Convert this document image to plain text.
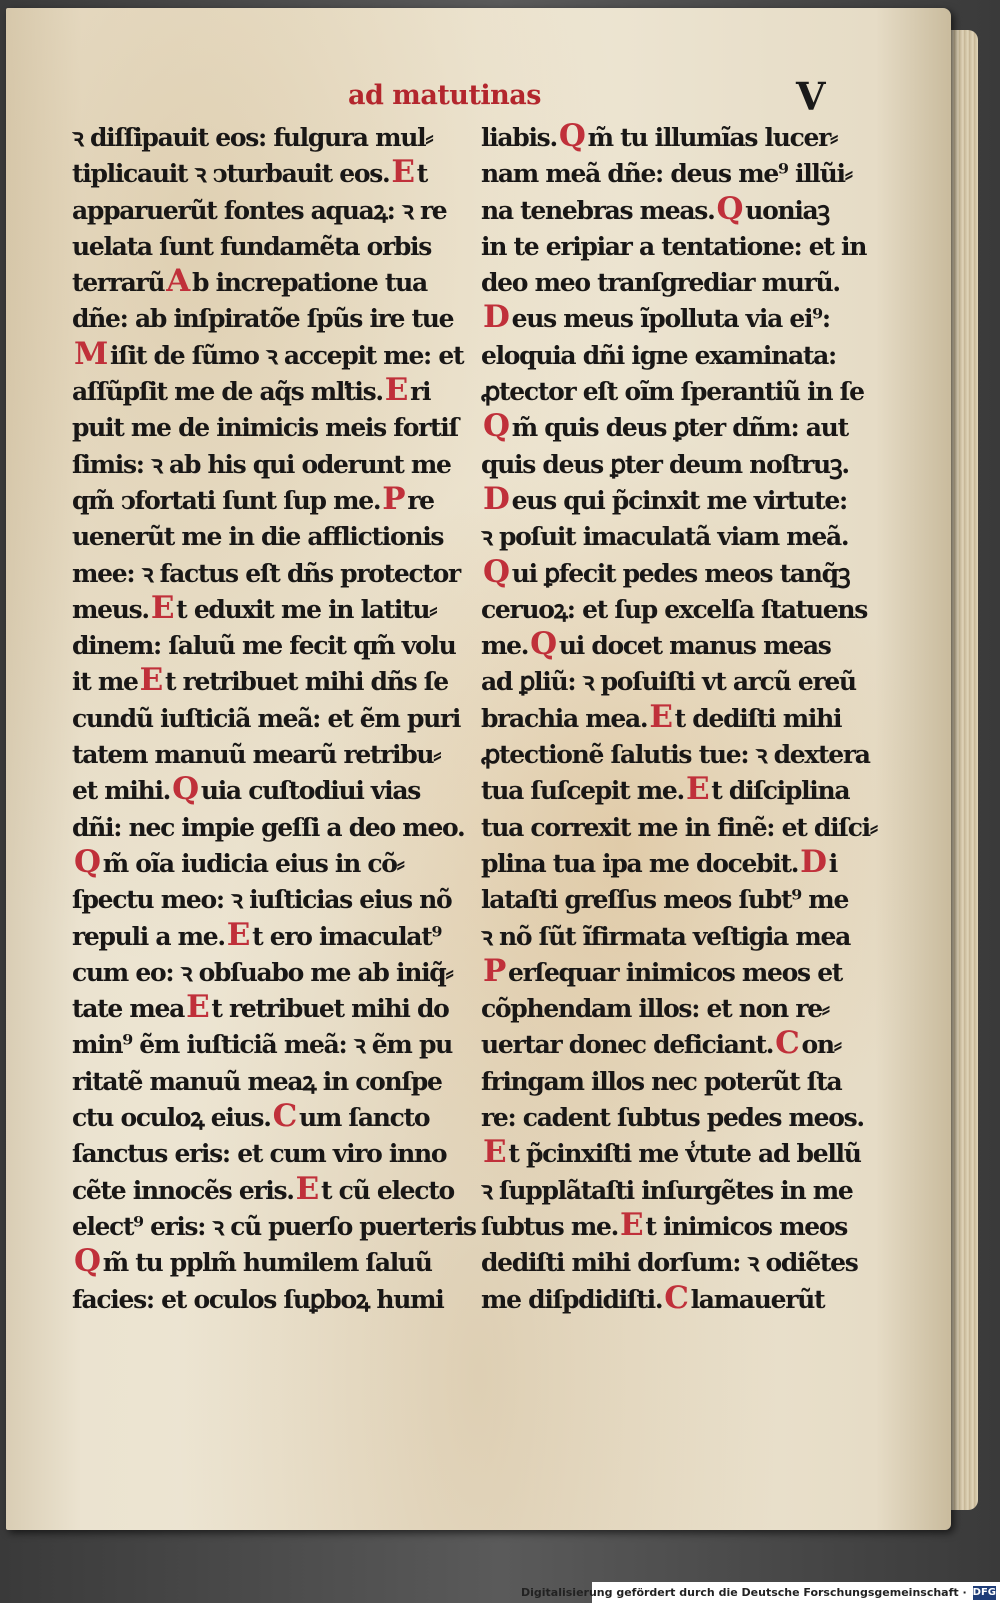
ad matutinas	V
ꝛ diſſipauit eos: fulgura mul⸗
tiplicauit ꝛ ↄturbauit eos.E t
apparuerũt fontes aquaꝝ: ꝛ re
uelata ſunt fundamẽta orbis
terrarũA b increpatione tua
dñe: ab inſpiratõe ſpũs ire tue
M iſit de ſũmo ꝛ accepit me: et
aſſũpſit me de aq̃s mľtis.E ri
puit me de inimicis meis fortiſ
ſimis: ꝛ ab his qui oderunt me
qm̃ ↄfortati ſunt ſup me.P re
uenerũt me in die afflictionis
mee: ꝛ factus eſt dñs protector
meus.E t eduxit me in latitu⸗
dinem: ſaluũ me fecit qm̃ volu
it meE t retribuet mihi dñs ſe
cundũ iuſticiã meã: et ẽm puri
tatem manuũ mearũ retribu⸗
et mihi.Q uia cuſtodiui vias
dñi: nec impie geſſi a deo meo.
Q m̃ oĩa iudicia eius in cõ⸗
ſpectu meo: ꝛ iuſticias eius nõ
repuli a me.E t ero imaculat⁹
cum eo: ꝛ obſuabo me ab iniq̃⸗
tate meaE t retribuet mihi do
min⁹ ẽm iuſticiã meã: ꝛ ẽm pu
ritatẽ manuũ meaꝝ in conſpe
ctu oculoꝝ eius.C um ſancto
ſanctus eris: et cum viro inno
cẽte innocẽs eris.E t cũ electo
elect⁹ eris: ꝛ cũ puerſo puerteris
Q m̃ tu pplm̃ humilem ſaluũ
facies: et oculos ſuꝑboꝝ humi
liabis.Q m̃ tu illumĩas lucer⸗
nam meã dñe: deus me⁹ illũi⸗
na tenebras meas.Q uoniaꝫ
in te eripiar a tentatione: et in
deo meo tranſgrediar murũ.
D eus meus ĩpolluta via ei⁹:
eloquia dñi igne examinata:
ꝓtector eſt oĩm ſperantiũ in ſe
Q m̃ quis deus ꝑter dñm: aut
quis deus ꝑter deum noſtruꝫ.
D eus qui p̃cinxit me virtute:
ꝛ poſuit imaculatã viam meã.
Q ui ꝑfecit pedes meos tanq̃ꝫ
ceruoꝝ: et ſup excelſa ſtatuens
me.Q ui docet manus meas
ad ꝑliũ: ꝛ poſuiſti vt arcũ ereũ
brachia mea.E t dediſti mihi
ꝓtectionẽ ſalutis tue: ꝛ dextera
tua ſuſcepit me.E t diſciplina
tua correxit me in finẽ: et diſci⸗
plina tua ipa me docebit.D i
lataſti greſſus meos ſubt⁹ me
ꝛ nõ ſũt ĩfirmata veſtigia mea
P erſequar inimicos meos et
cõphendam illos: et non re⸗
uertar donec deficiant.C on⸗
fringam illos nec poterũt ſta
re: cadent ſubtus pedes meos.
E t p̃cinxiſti me v̾tute ad bellũ
ꝛ ſupplãtaſti inſurgẽtes in me
ſubtus me.E t inimicos meos
dediſti mihi dorſum: ꝛ odiẽtes
me diſpdidiſti.C lamauerũt
Digitalisierung gefördert durch die Deutsche Forschungsgemeinschaft · DFG
